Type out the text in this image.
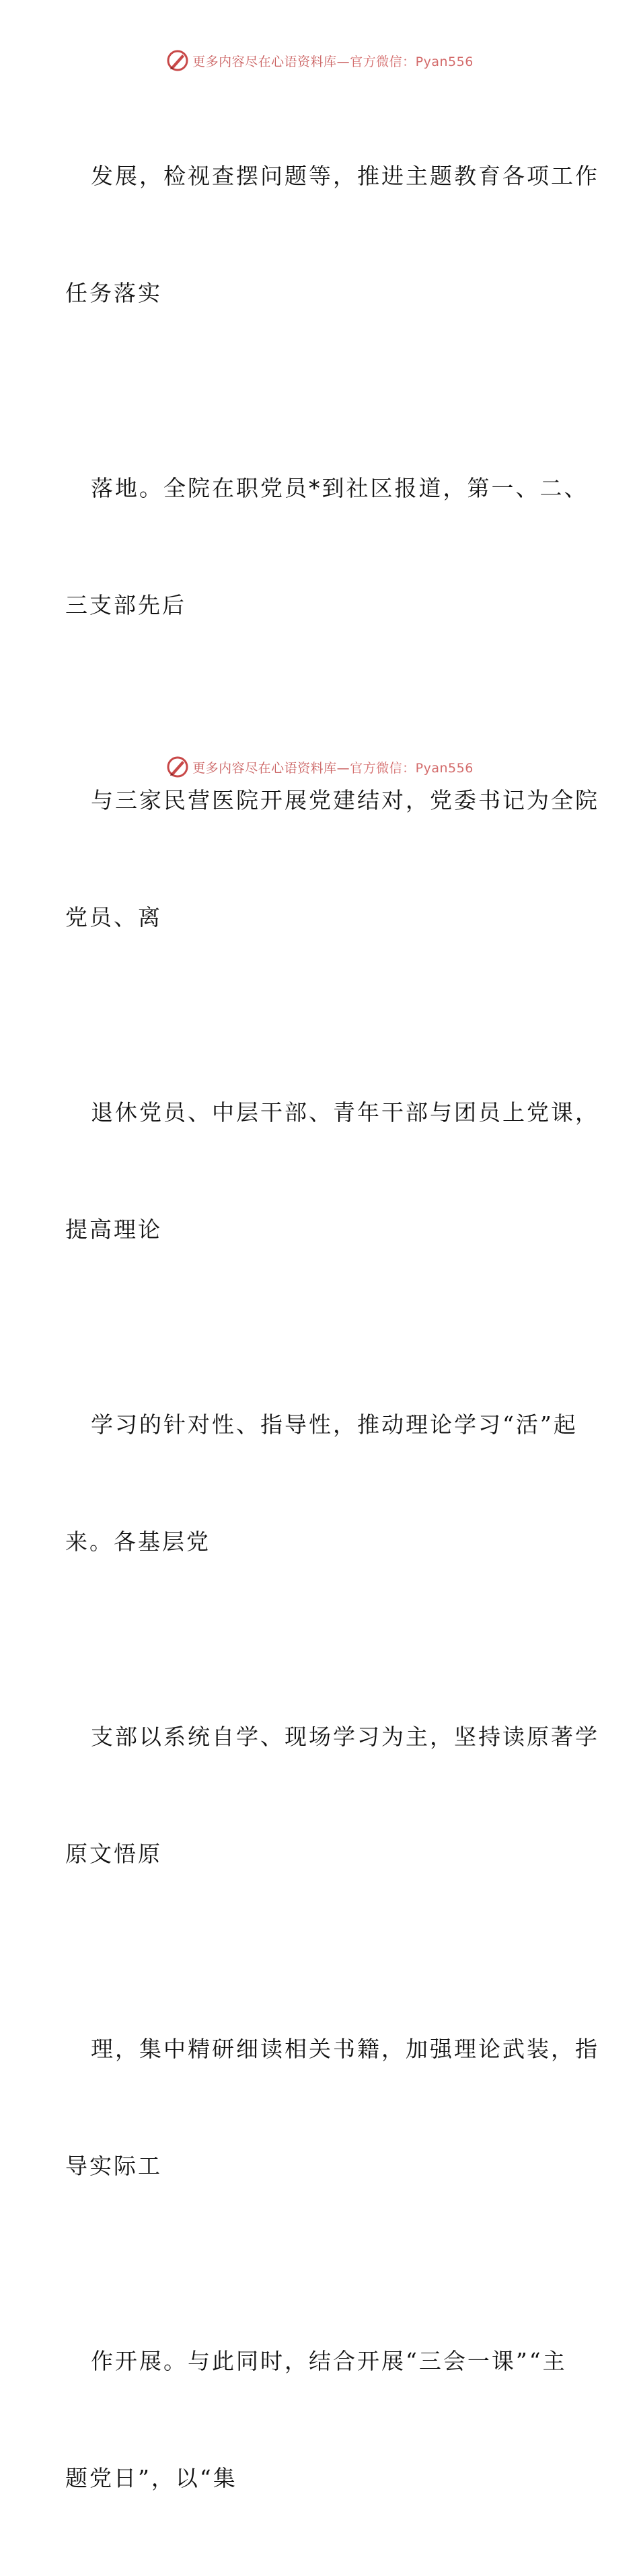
更多内容尽在心语资料库—官方微信：Pyan556

发展，检视查摆问题等，推进主题教育各项工作

任务落实

落地。全院在职党员*到社区报道，第一、二、

三支部先后

与三家民营医院开展党建结对，党委书记为全院

党员、离

退休党员、中层干部、青年干部与团员上党课，

提高理论

学习的针对性、指导性，推动理论学习“活”起

来。各基层党

支部以系统自学、现场学习为主，坚持读原著学

原文悟原

理，集中精研细读相关书籍，加强理论武装，指

导实际工

作开展。与此同时，结合开展“三会一课”“主

题党日”，以“集

更多内容尽在心语资料库—官方微信：Pyan556
